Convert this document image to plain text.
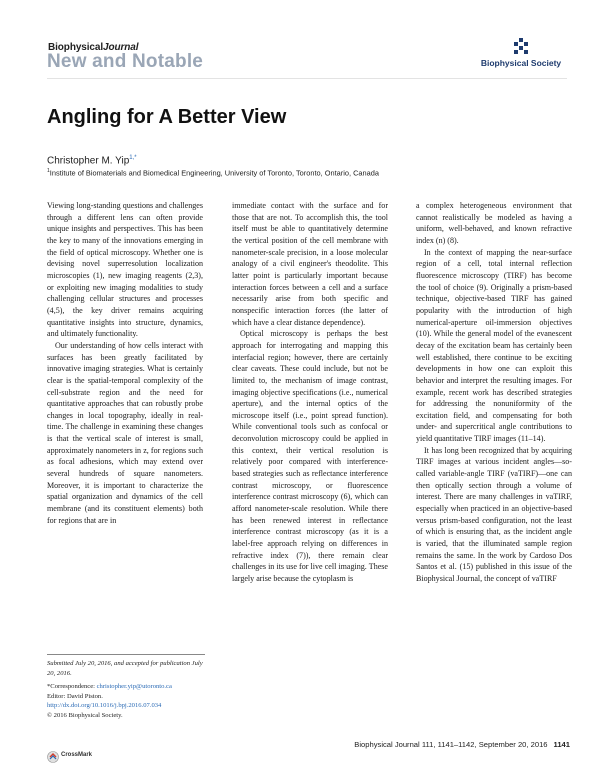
BiophysicalJournal
New and Notable	Biophysical Society
Angling for A Better View
Christopher M. Yip$^{1,*}$
$^1$Institute of Biomaterials and Biomedical Engineering, University of Toronto, Toronto, Ontario, Canada

Viewing long-standing questions and challenges through a different lens can often provide unique insights and perspectives. This has been the key to many of the innovations emerging in the field of optical microscopy. Whether one is devising novel superresolution localization microscopies (1), new imaging reagents (2,3), or exploiting new imaging modalities to study challenging cellular structures and processes (4,5), the key driver remains acquiring quantitative insights into structure, dynamics, and ultimately functionality.

Our understanding of how cells interact with surfaces has been greatly facilitated by innovative imaging strategies. What is certainly clear is the spatial-temporal complexity of the cell-substrate region and the need for quantitative approaches that can robustly probe changes in local topography, ideally in real-time. The challenge in examining these changes is that the vertical scale of interest is small, approximately nanometers in z, for regions such as focal adhesions, which may extend over several hundreds of square nanometers. Moreover, it is important to characterize the spatial organization and dynamics of the cell membrane (and its constituent elements) both for regions that are in

immediate contact with the surface and for those that are not. To accomplish this, the tool itself must be able to quantitatively determine the vertical position of the cell membrane with nanometer-scale precision, in a loose molecular analogy of a civil engineer's theodolite. This latter point is particularly important because interaction forces between a cell and a surface necessarily arise from both specific and nonspecific interaction forces (the latter of which have a clear distance dependence).

Optical microscopy is perhaps the best approach for interrogating and mapping this interfacial region; however, there are certainly clear caveats. These could include, but not be limited to, the mechanism of image contrast, imaging objective specifications (i.e., numerical aperture), and the internal optics of the microscope itself (i.e., point spread function). While conventional tools such as confocal or deconvolution microscopy could be applied in this context, their vertical resolution is relatively poor compared with interference-based strategies such as reflectance interference contrast microscopy, or fluorescence interference contrast microscopy (6), which can afford nanometer-scale resolution. While there has been renewed interest in reflectance interference contrast microscopy (as it is a label-free approach relying on differences in refractive index (7)), there remain clear challenges in its use for live cell imaging. These largely arise because the cytoplasm is

a complex heterogeneous environment that cannot realistically be modeled as having a uniform, well-behaved, and known refractive index (n) (8).

In the context of mapping the near-surface region of a cell, total internal reflection fluorescence microscopy (TIRF) has become the tool of choice (9). Originally a prism-based technique, objective-based TIRF has gained popularity with the introduction of high numerical-aperture oil-immersion objectives (10). While the general model of the evanescent decay of the excitation beam has certainly been well established, there continue to be exciting developments in how one can exploit this behavior and interpret the resulting images. For example, recent work has described strategies for addressing the nonuniformity of the excitation field, and compensating for both under- and supercritical angle contributions to yield quantitative TIRF images (11–14).

It has long been recognized that by acquiring TIRF images at various incident angles—so-called variable-angle TIRF (vaTIRF)—one can then optically section through a volume of interest. There are many challenges in vaTIRF, especially when practiced in an objective-based versus prism-based configuration, not the least of which is ensuring that, as the incident angle is varied, that the illuminated sample region remains the same. In the work by Cardoso Dos Santos et al. (15) published in this issue of the Biophysical Journal, the concept of vaTIRF

Submitted July 20, 2016, and accepted for publication July 20, 2016.
*Correspondence: christopher.yip@utoronto.ca
Editor: David Piston.
http://dx.doi.org/10.1016/j.bpj.2016.07.034
© 2016 Biophysical Society.
CrossMark
Biophysical Journal 111, 1141–1142, September 20, 2016 1141
